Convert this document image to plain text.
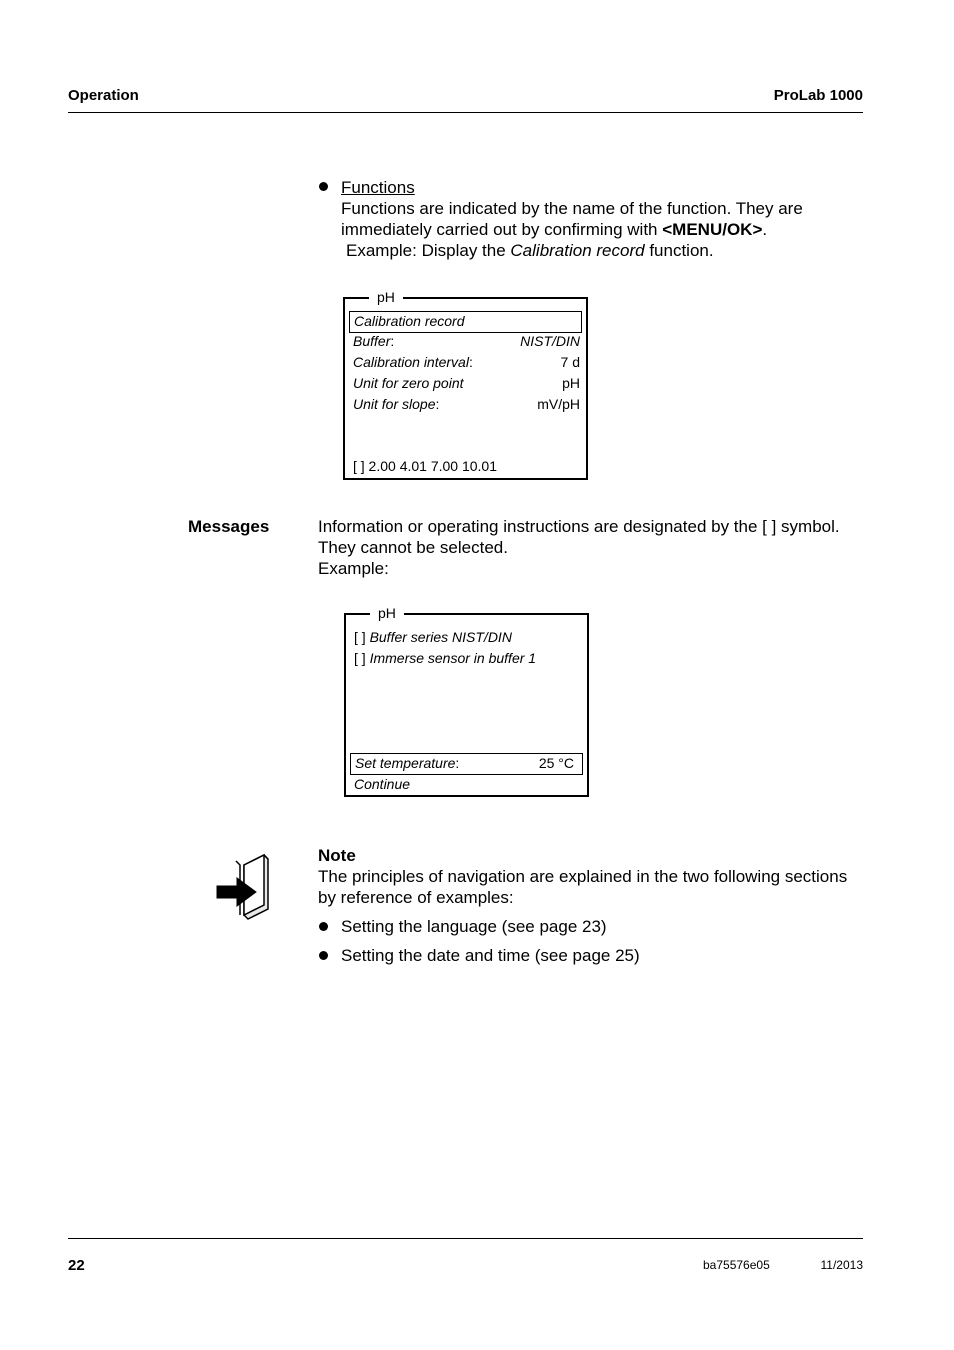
Operation	ProLab 1000
Functions
Functions are indicated by the name of the function. They are
immediately carried out by confirming with <MENU/OK>.
Example: Display the Calibration record function.
pH
Calibration record
Buffer:	NIST/DIN
Calibration interval:	7 d
Unit for zero point	pH
Unit for slope:	mV/pH
[ ] 2.00 4.01 7.00 10.01
Messages	Information or operating instructions are designated by the [ ] symbol.
They cannot be selected.
Example:
pH
[ ] Buffer series NIST/DIN
[ ] Immerse sensor in buffer 1
Set temperature:	25 °C
Continue
Note
The principles of navigation are explained in the two following sections
by reference of examples:
Setting the language (see page 23)
Setting the date and time (see page 25)
22	ba75576e05	11/2013
